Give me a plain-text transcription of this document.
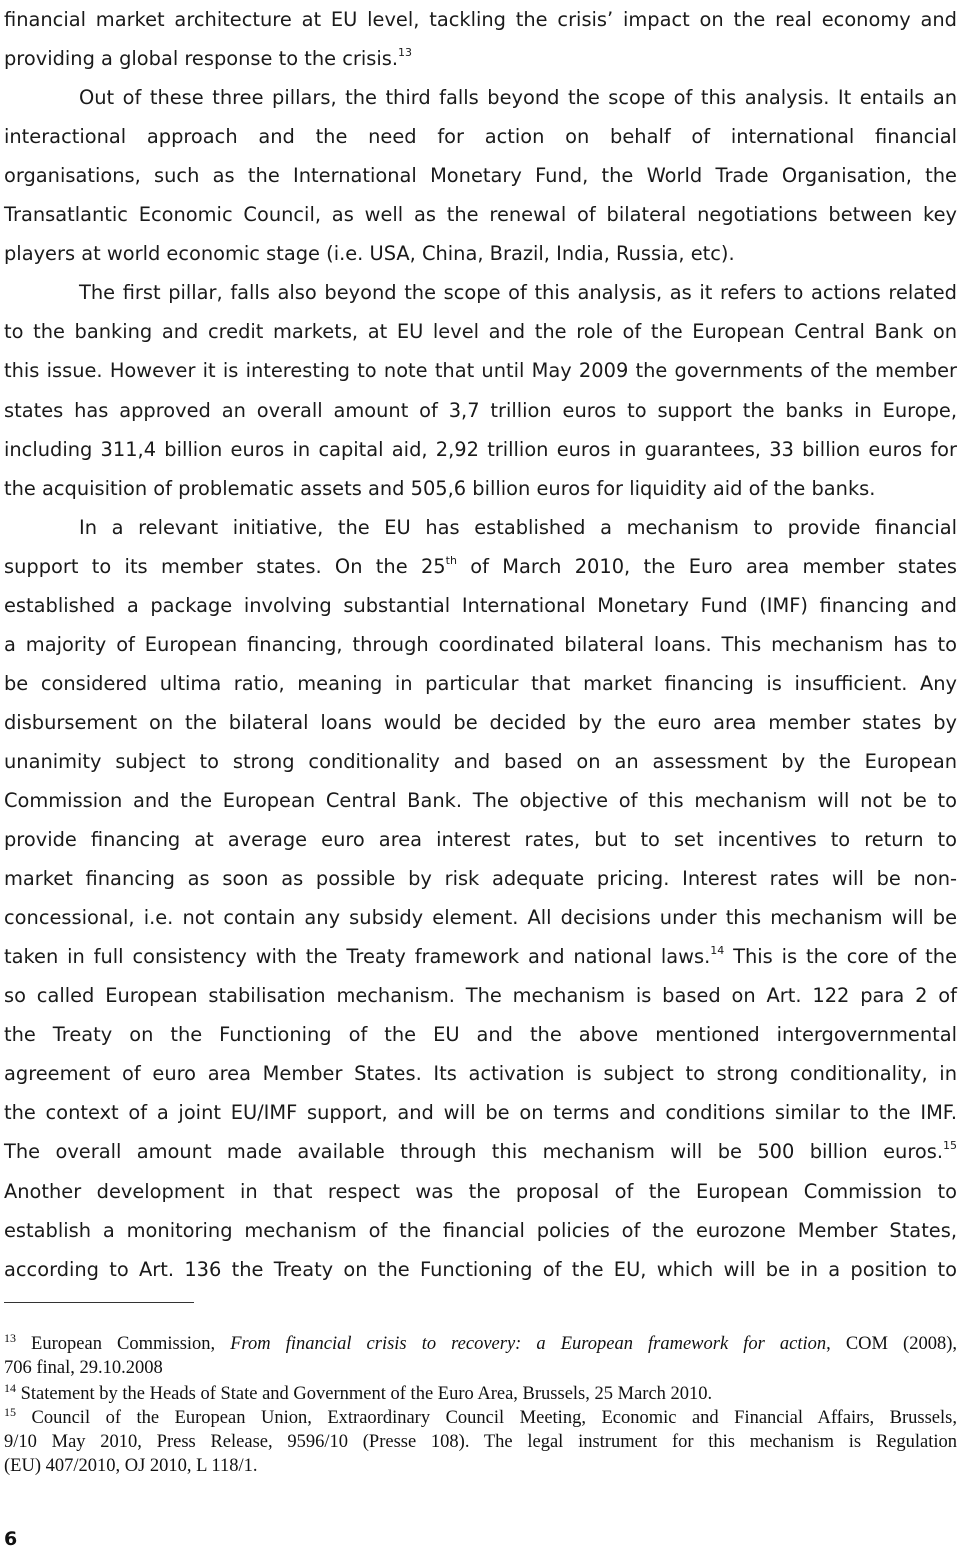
financial market architecture at EU level, tackling the crisis’ impact on the real economy and
providing a global response to the crisis.$^{13}$
Out of these three pillars, the third falls beyond the scope of this analysis. It entails an
interactional approach and the need for action on behalf of international financial
organisations, such as the International Monetary Fund, the World Trade Organisation, the
Transatlantic Economic Council, as well as the renewal of bilateral negotiations between key
players at world economic stage (i.e. USA, China, Brazil, India, Russia, etc).
The first pillar, falls also beyond the scope of this analysis, as it refers to actions related
to the banking and credit markets, at EU level and the role of the European Central Bank on
this issue. However it is interesting to note that until May 2009 the governments of the member
states has approved an overall amount of 3,7 trillion euros to support the banks in Europe,
including 311,4 billion euros in capital aid, 2,92 trillion euros in guarantees, 33 billion euros for
the acquisition of problematic assets and 505,6 billion euros for liquidity aid of the banks.
In a relevant initiative, the EU has established a mechanism to provide financial
support to its member states. On the 25th of March 2010, the Euro area member states
established a package involving substantial International Monetary Fund (IMF) financing and
a majority of European financing, through coordinated bilateral loans. This mechanism has to
be considered ultima ratio, meaning in particular that market financing is insufficient. Any
disbursement on the bilateral loans would be decided by the euro area member states by
unanimity subject to strong conditionality and based on an assessment by the European
Commission and the European Central Bank. The objective of this mechanism will not be to
provide financing at average euro area interest rates, but to set incentives to return to
market financing as soon as possible by risk adequate pricing. Interest rates will be non-
concessional, i.e. not contain any subsidy element. All decisions under this mechanism will be
taken in full consistency with the Treaty framework and national laws.$^{14}$ This is the core of the
so called European stabilisation mechanism. The mechanism is based on Art. 122 para 2 of
the Treaty on the Functioning of the EU and the above mentioned intergovernmental
agreement of euro area Member States. Its activation is subject to strong conditionality, in
the context of a joint EU/IMF support, and will be on terms and conditions similar to the IMF.
The overall amount made available through this mechanism will be 500 billion euros.$^{15}$
Another development in that respect was the proposal of the European Commission to
establish a monitoring mechanism of the financial policies of the eurozone Member States,
according to Art. 136 the Treaty on the Functioning of the EU, which will be in a position to
$^{13}$ European Commission, From financial crisis to recovery: a European framework for action, COM (2008),
706 final, 29.10.2008
$^{14}$ Statement by the Heads of State and Government of the Euro Area, Brussels, 25 March 2010.
$^{15}$ Council of the European Union, Extraordinary Council Meeting, Economic and Financial Affairs, Brussels,
9/10 May 2010, Press Release, 9596/10 (Presse 108). The legal instrument for this mechanism is Regulation
(EU) 407/2010, OJ 2010, L 118/1.
6
